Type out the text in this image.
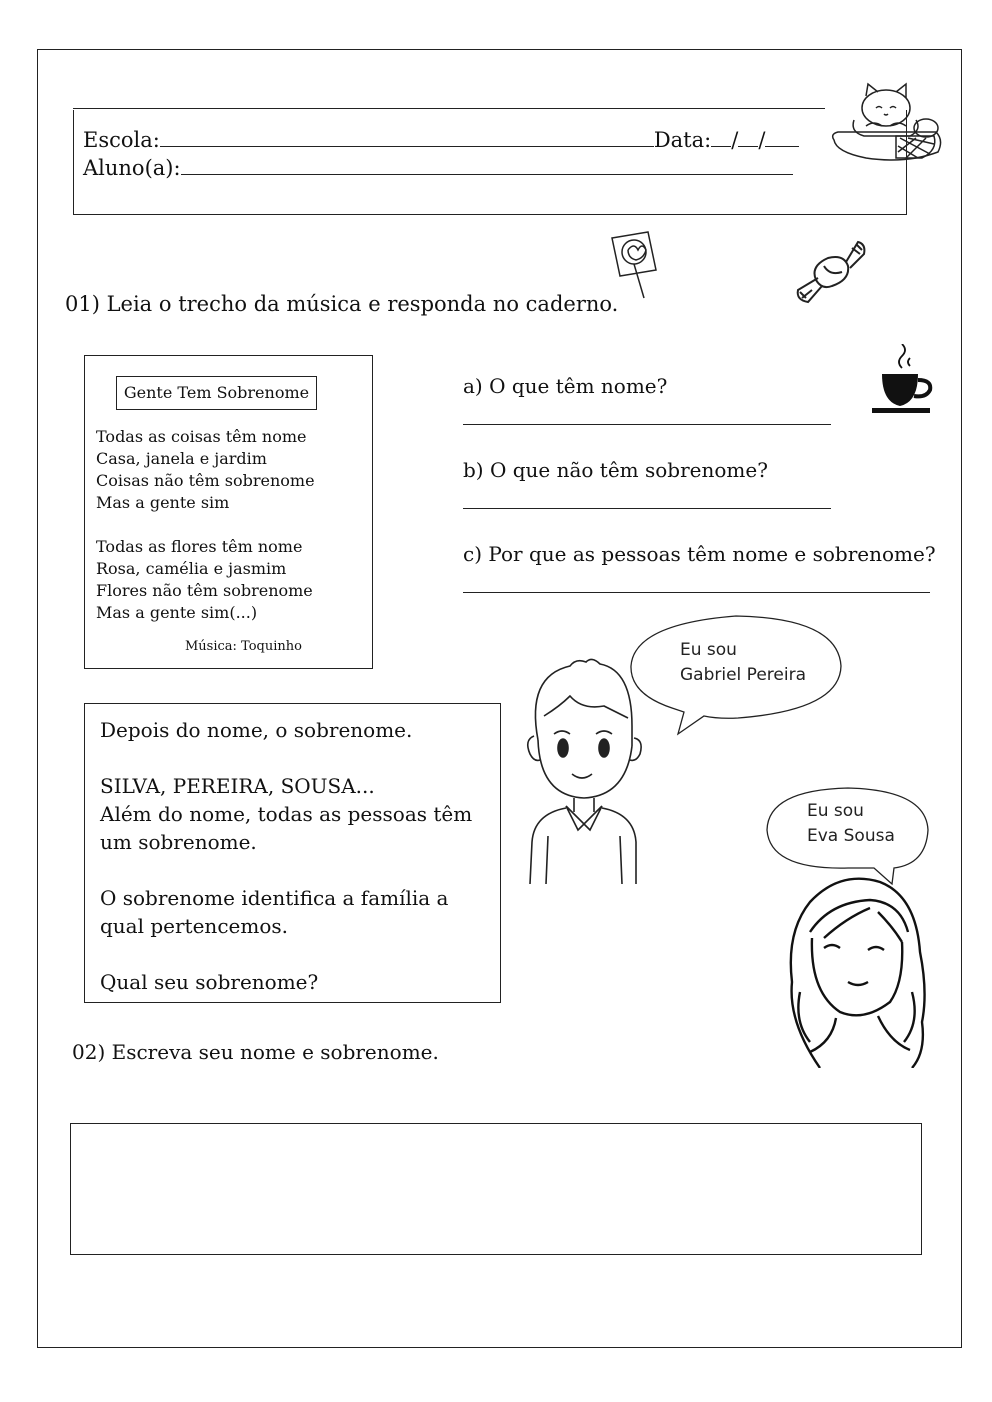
Escola:	Data: / /
Aluno(a):
01) Leia o trecho da música e responda no caderno.
Gente Tem Sobrenome
Todas as coisas têm nome
Casa, janela e jardim
Coisas não têm sobrenome
Mas a gente sim
Todas as flores têm nome
Rosa, camélia e jasmim
Flores não têm sobrenome
Mas a gente sim(...)
Música: Toquinho
a) O que têm nome?
b) O que não têm sobrenome?
c) Por que as pessoas têm nome e sobrenome?
Depois do nome, o sobrenome.
SILVA, PEREIRA, SOUSA...
Além do nome, todas as pessoas têm
um sobrenome.
O sobrenome identifica a família a
qual pertencemos.
Qual seu sobrenome?
Eu sou
Gabriel Pereira
Eu sou
Eva Sousa
02) Escreva seu nome e sobrenome.
